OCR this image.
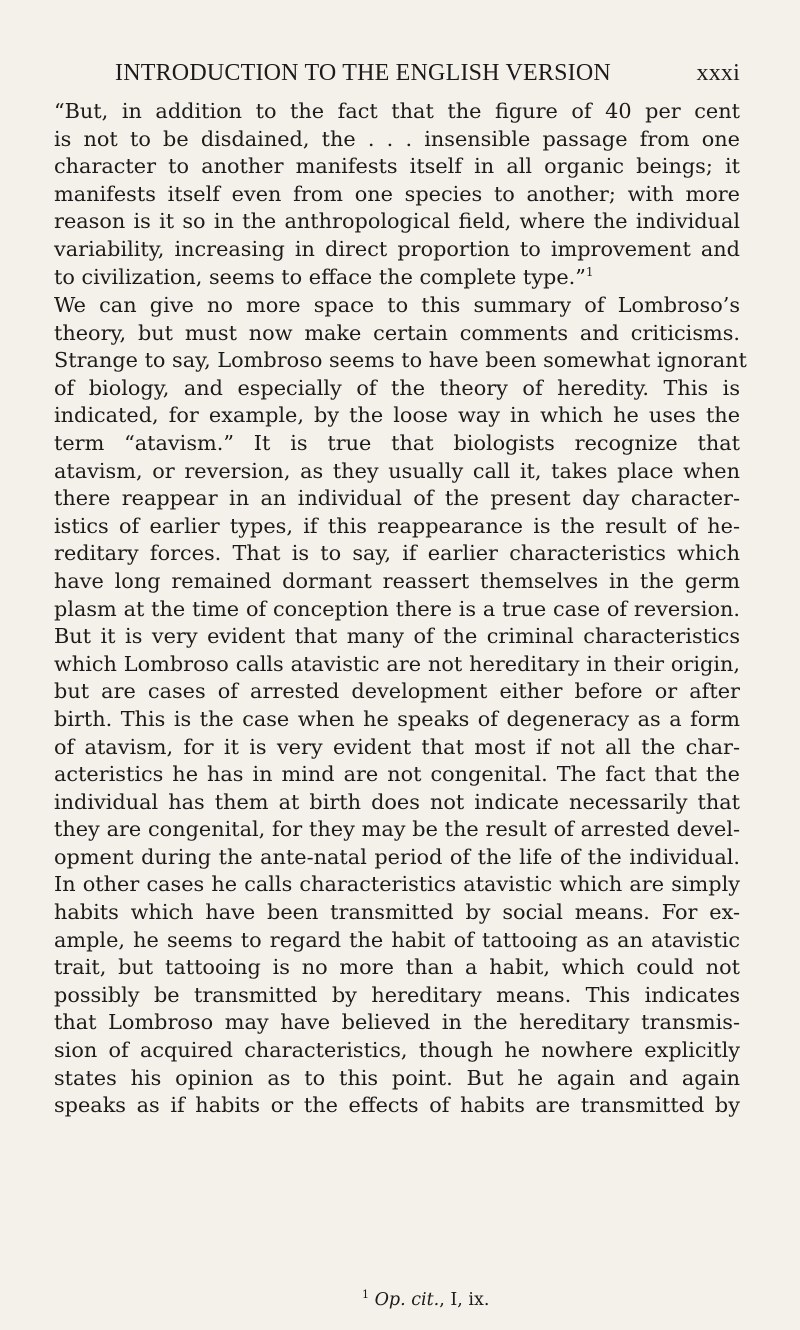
INTRODUCTION TO THE ENGLISH VERSION	xxxi
“But, in addition to the fact that the figure of 40 per cent
is not to be disdained, the . . . insensible passage from one
character to another manifests itself in all organic beings; it
manifests itself even from one species to another; with more
reason is it so in the anthropological field, where the individual
variability, increasing in direct proportion to improvement and
to civilization, seems to efface the complete type.”$^1$
We can give no more space to this summary of Lombroso’s
theory, but must now make certain comments and criticisms.
Strange to say, Lombroso seems to have been somewhat ignorant
of biology, and especially of the theory of heredity. This is
indicated, for example, by the loose way in which he uses the
term “atavism.” It is true that biologists recognize that
atavism, or reversion, as they usually call it, takes place when
there reappear in an individual of the present day character-
istics of earlier types, if this reappearance is the result of he-
reditary forces. That is to say, if earlier characteristics which
have long remained dormant reassert themselves in the germ
plasm at the time of conception there is a true case of reversion.
But it is very evident that many of the criminal characteristics
which Lombroso calls atavistic are not hereditary in their origin,
but are cases of arrested development either before or after
birth. This is the case when he speaks of degeneracy as a form
of atavism, for it is very evident that most if not all the char-
acteristics he has in mind are not congenital. The fact that the
individual has them at birth does not indicate necessarily that
they are congenital, for they may be the result of arrested devel-
opment during the ante-natal period of the life of the individual.
In other cases he calls characteristics atavistic which are simply
habits which have been transmitted by social means. For ex-
ample, he seems to regard the habit of tattooing as an atavistic
trait, but tattooing is no more than a habit, which could not
possibly be transmitted by hereditary means. This indicates
that Lombroso may have believed in the hereditary transmis-
sion of acquired characteristics, though he nowhere explicitly
states his opinion as to this point. But he again and again
speaks as if habits or the effects of habits are transmitted by
$^1$ Op. cit., I, ix.
